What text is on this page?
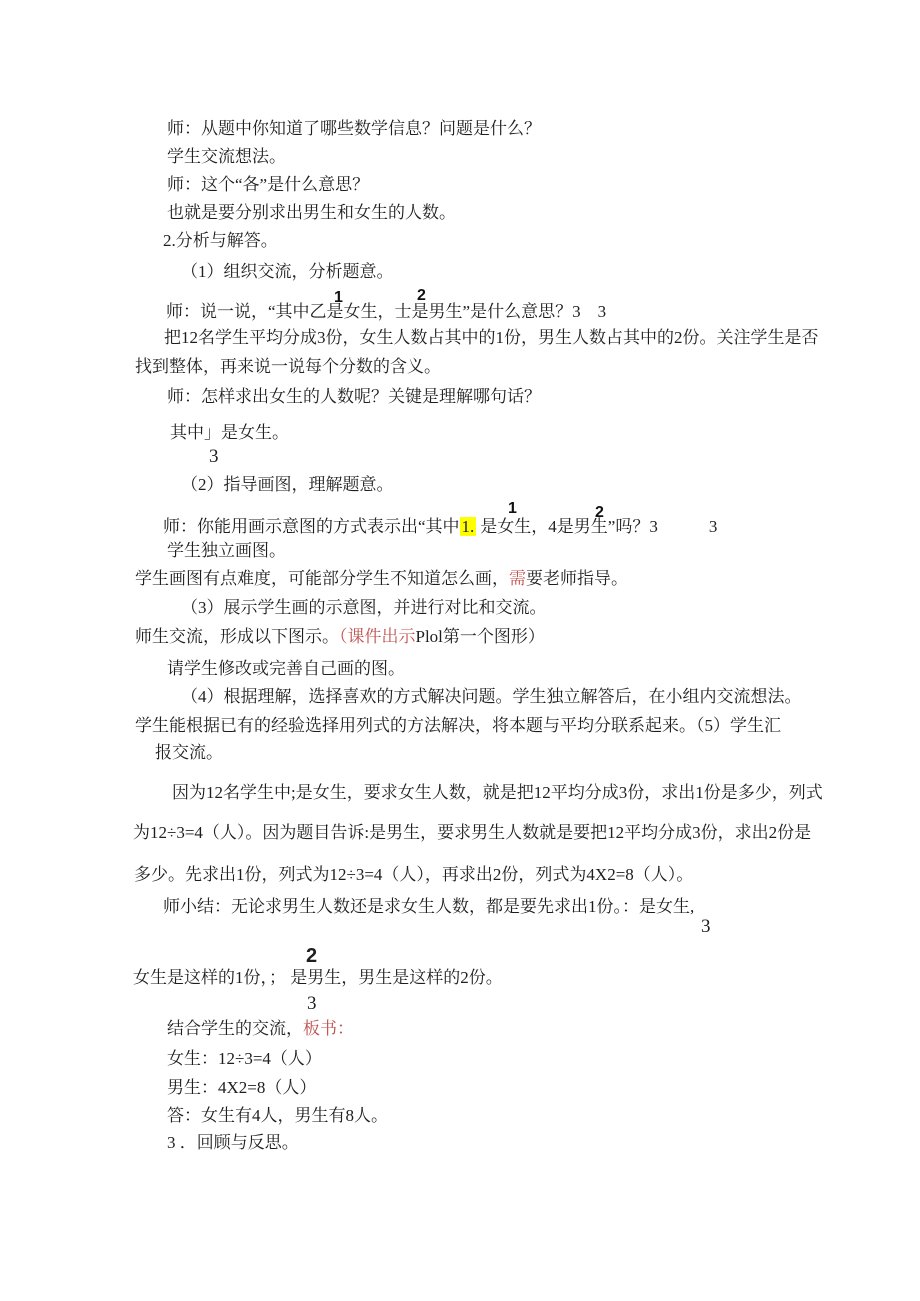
师：从题中你知道了哪些数学信息？问题是什么？
学生交流想法。
师：这个“各”是什么意思？
也就是要分别求出男生和女生的人数。
2.分析与解答。
（1）组织交流，分析题意。
1	2
师：说一说，“其中乙是女生，士是男生”是什么意思？3　3
把12名学生平均分成3份，女生人数占其中的1份，男生人数占其中的2份。关注学生是否
找到整体，再来说一说每个分数的含义。
师：怎样求出女生的人数呢？关键是理解哪句话？
其中」是女生。
3
（2）指导画图，理解题意。
1	2
师：你能用画示意图的方式表示出“其中 1. 是女生，4是男生”吗？3　　　3
学生独立画图。
学生画图有点难度，可能部分学生不知道怎么画，需要老师指导。
（3）展示学生画的示意图，并进行对比和交流。
师生交流，形成以下图示。（课件出示Plol第一个图形）
请学生修改或完善自己画的图。
（4）根据理解，选择喜欢的方式解决问题。学生独立解答后，在小组内交流想法。
学生能根据已有的经验选择用列式的方法解决，将本题与平均分联系起来。（5）学生汇
报交流。
因为12名学生中;是女生，要求女生人数，就是把12平均分成3份，求出1份是多少，列式
为12÷3=4（人）。因为题目告诉:是男生，要求男生人数就是要把12平均分成3份，求出2份是
多少。先求出1份，列式为12÷3=4（人），再求出2份，列式为4X2=8（人）。
师小结：无论求男生人数还是求女生人数，都是要先求出1份。：是女生,
3
2
女生是这样的1份，； 是男生，男生是这样的2份。
3
结合学生的交流，板书：
女生：12÷3=4（人）
男生：4X2=8（人）
答：女生有4人，男生有8人。
3 ．回顾与反思。
